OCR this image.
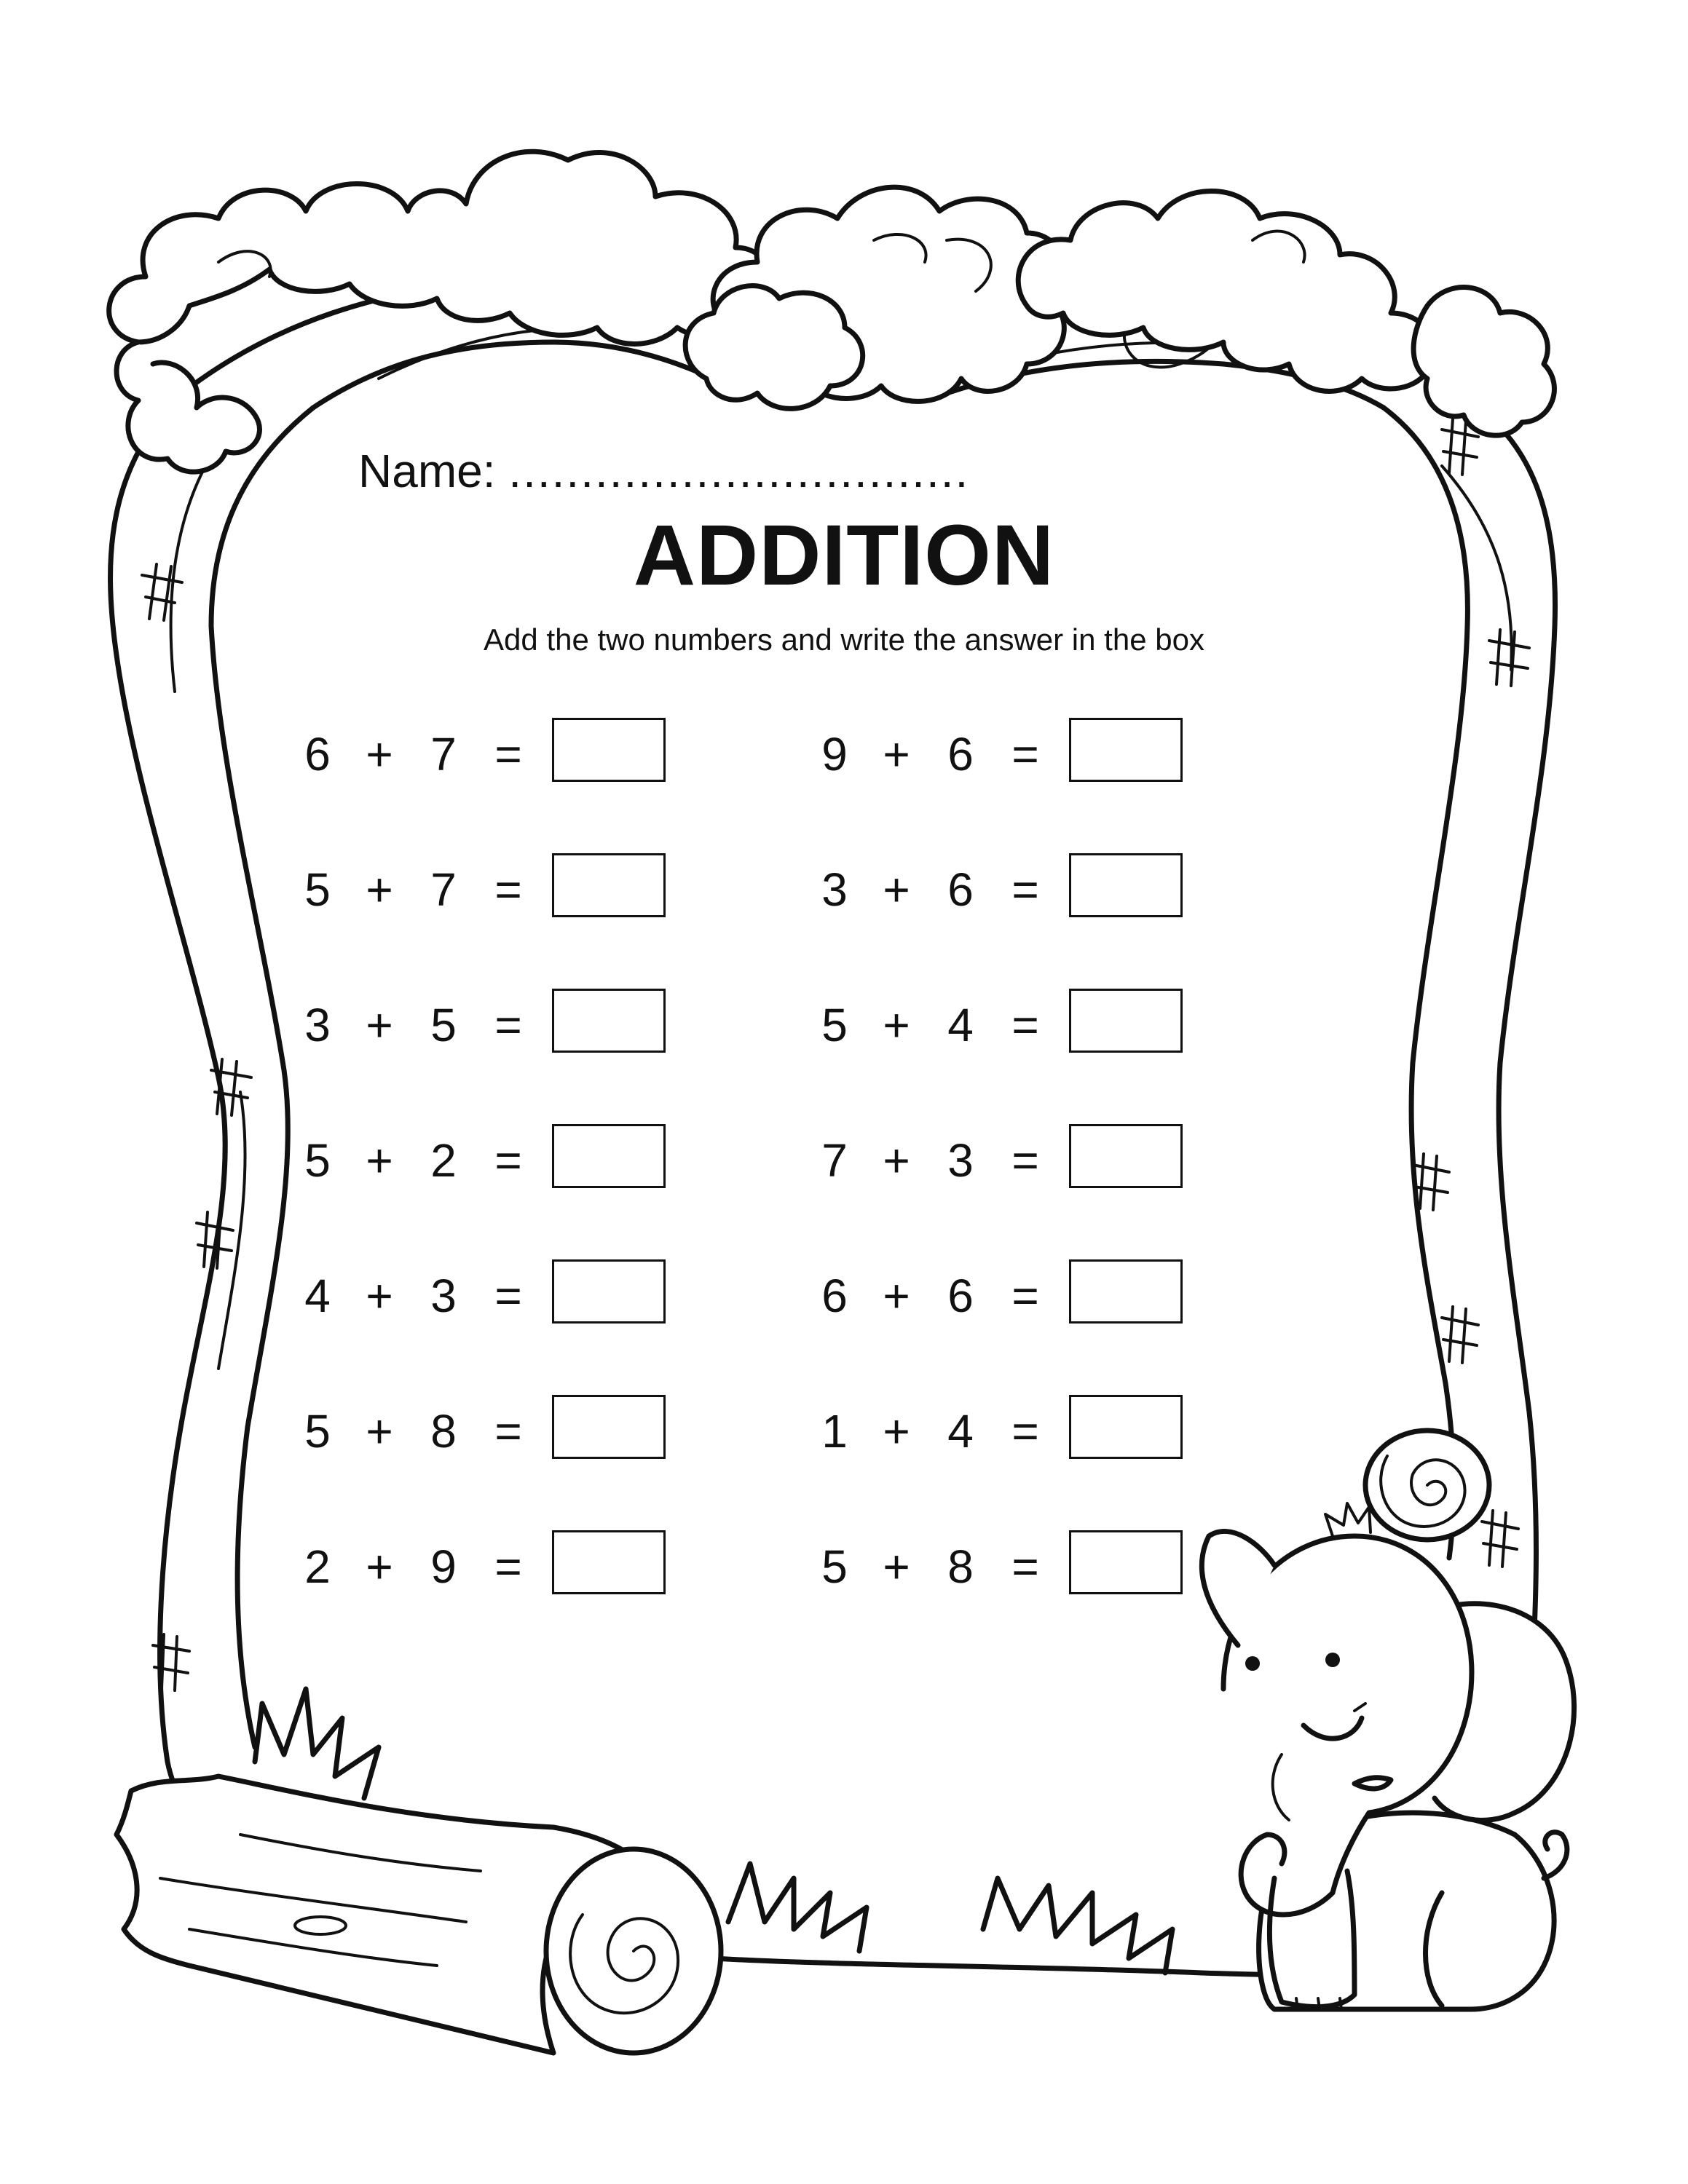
Name: ................................
ADDITION
Add the two numbers and write the answer in the box
6 + 7 =
5 + 7 =
3 + 5 =
5 + 2 =
4 + 3 =
5 + 8 =
2 + 9 =
9 + 6 =
3 + 6 =
5 + 4 =
7 + 3 =
6 + 6 =
1 + 4 =
5 + 8 =
